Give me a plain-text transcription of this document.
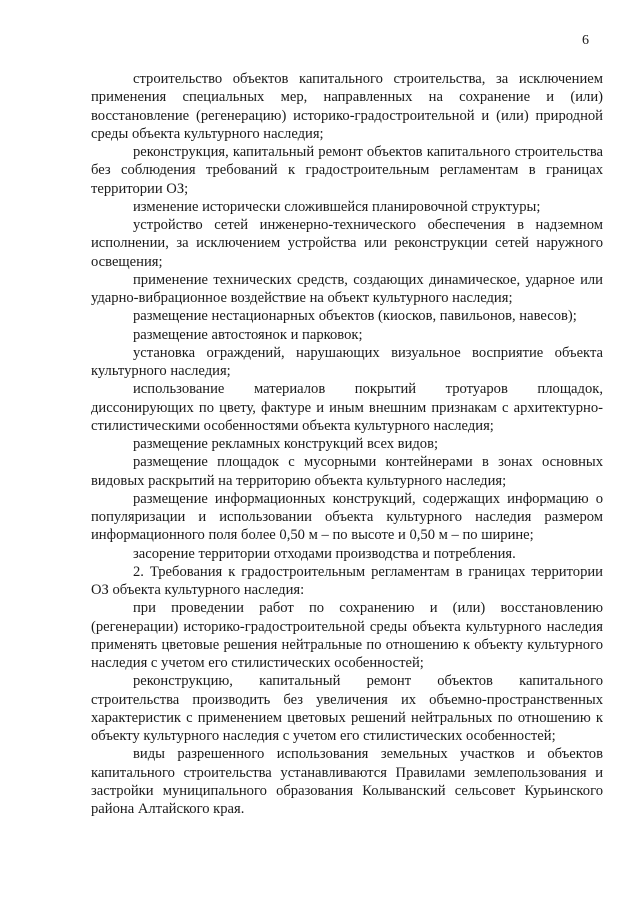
6

строительство объектов капитального строительства, за исключением применения специальных мер, направленных на сохранение и (или) восстановление (регенерацию) историко-градостроительной и (или) природной среды объекта культурного наследия;

реконструкция, капитальный ремонт объектов капитального строительства без соблюдения требований к градостроительным регламентам в границах территории ОЗ;

изменение исторически сложившейся планировочной структуры;

устройство сетей инженерно-технического обеспечения в надземном исполнении, за исключением устройства или реконструкции сетей наружного освещения;

применение технических средств, создающих динамическое, ударное или ударно-вибрационное воздействие на объект культурного наследия;

размещение нестационарных объектов (киосков, павильонов, навесов);

размещение автостоянок и парковок;

установка ограждений, нарушающих визуальное восприятие объекта культурного наследия;

использование материалов покрытий тротуаров площадок, диссонирующих по цвету, фактуре и иным внешним признакам с архитектурно-стилистическими особенностями объекта культурного наследия;

размещение рекламных конструкций всех видов;

размещение площадок с мусорными контейнерами в зонах основных видовых раскрытий на территорию объекта культурного наследия;

размещение информационных конструкций, содержащих информацию о популяризации и использовании объекта культурного наследия размером информационного поля более 0,50 м – по высоте и 0,50 м – по ширине;

засорение территории отходами производства и потребления.

2. Требования к градостроительным регламентам в границах территории ОЗ объекта культурного наследия:

при проведении работ по сохранению и (или) восстановлению (регенерации) историко-градостроительной среды объекта культурного наследия применять цветовые решения нейтральные по отношению к объекту культурного наследия с учетом его стилистических особенностей;

реконструкцию, капитальный ремонт объектов капитального строительства производить без увеличения их объемно-пространственных характеристик с применением цветовых решений нейтральных по отношению к объекту культурного наследия с учетом его стилистических особенностей;

виды разрешенного использования земельных участков и объектов капитального строительства устанавливаются Правилами землепользования и застройки муниципального образования Колыванский сельсовет Курьинского района Алтайского края.
